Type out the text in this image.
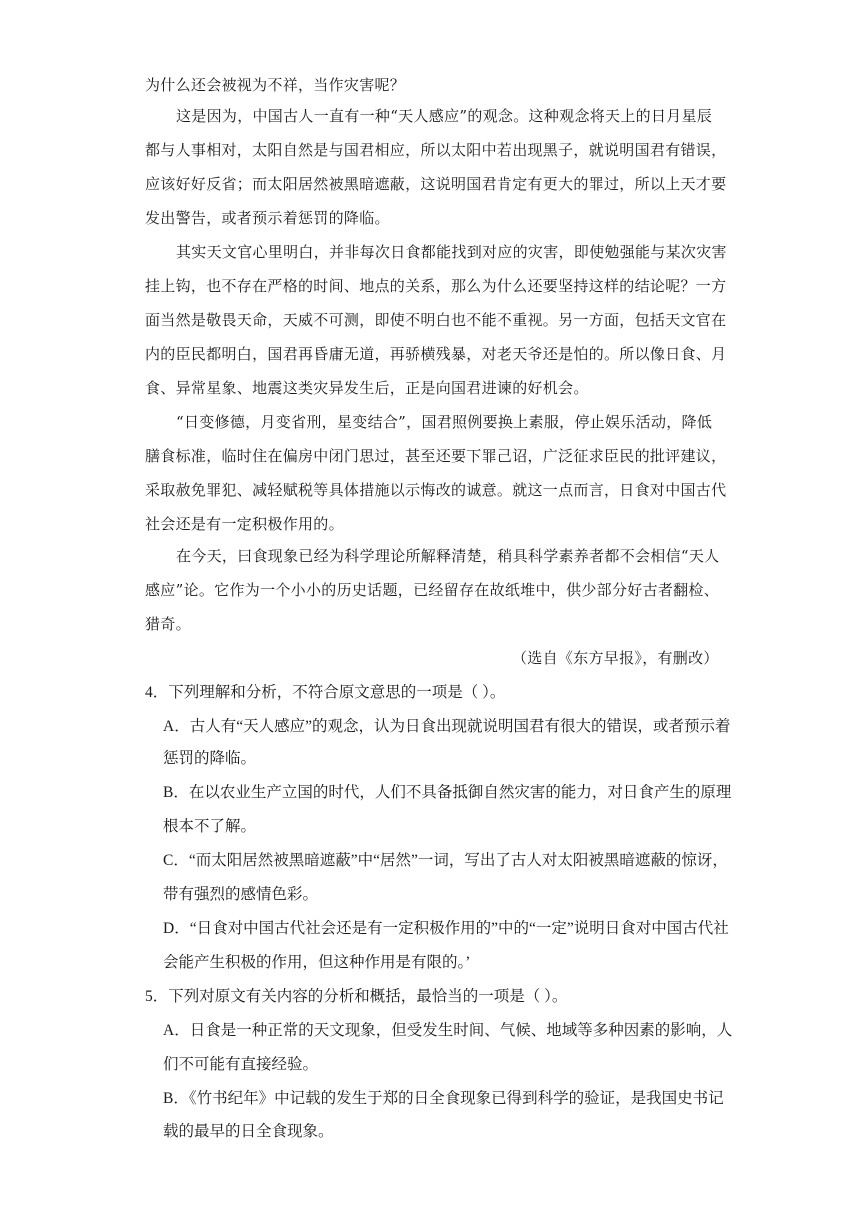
为什么还会被视为不祥，当作灾害呢？
这是因为，中国古人一直有一种“天人感应”的观念。这种观念将天上的日月星辰
都与人事相对，太阳自然是与国君相应，所以太阳中若出现黑子，就说明国君有错误，
应该好好反省；而太阳居然被黑暗遮蔽，这说明国君肯定有更大的罪过，所以上天才要
发出警告，或者预示着惩罚的降临。
其实天文官心里明白，并非每次日食都能找到对应的灾害，即使勉强能与某次灾害
挂上钩，也不存在严格的时间、地点的关系，那么为什么还要坚持这样的结论呢？一方
面当然是敬畏天命，天威不可测，即使不明白也不能不重视。另一方面，包括天文官在
内的臣民都明白，国君再昏庸无道，再骄横残暴，对老天爷还是怕的。所以像日食、月
食、异常星象、地震这类灾异发生后，正是向国君进谏的好机会。
“日变修德，月变省刑，星变结合”，国君照例要换上素服，停止娱乐活动，降低
膳食标准，临时住在偏房中闭门思过，甚至还要下罪己诏，广泛征求臣民的批评建议，
采取赦免罪犯、减轻赋税等具体措施以示悔改的诚意。就这一点而言，日食对中国古代
社会还是有一定积极作用的。
在今天，曰食现象已经为科学理论所解释清楚，稍具科学素养者都不会相信“天人
感应”论。它作为一个小小的历史话题，已经留存在故纸堆中，供少部分好古者翻检、
猎奇。
（选自《东方早报》，有删改）
4．下列理解和分析，不符合原文意思的一项是（ ）。
A．古人有“天人感应”的观念，认为日食出现就说明国君有很大的错误，或者预示着
惩罚的降临。
B．在以农业生产立国的时代，人们不具备抵御自然灾害的能力，对日食产生的原理
根本不了解。
C．“而太阳居然被黑暗遮蔽”中“居然”一词，写出了古人对太阳被黑暗遮蔽的惊讶，
带有强烈的感情色彩。
D．“日食对中国古代社会还是有一定积极作用的”中的“一定”说明日食对中国古代社
会能产生积极的作用，但这种作用是有限的。’
5．下列对原文有关内容的分析和概括，最恰当的一项是（ ）。
A．日食是一种正常的天文现象，但受发生时间、气候、地域等多种因素的影响，人
们不可能有直接经验。
B．《竹书纪年》中记载的发生于郑的日全食现象已得到科学的验证，是我国史书记
载的最早的日全食现象。
